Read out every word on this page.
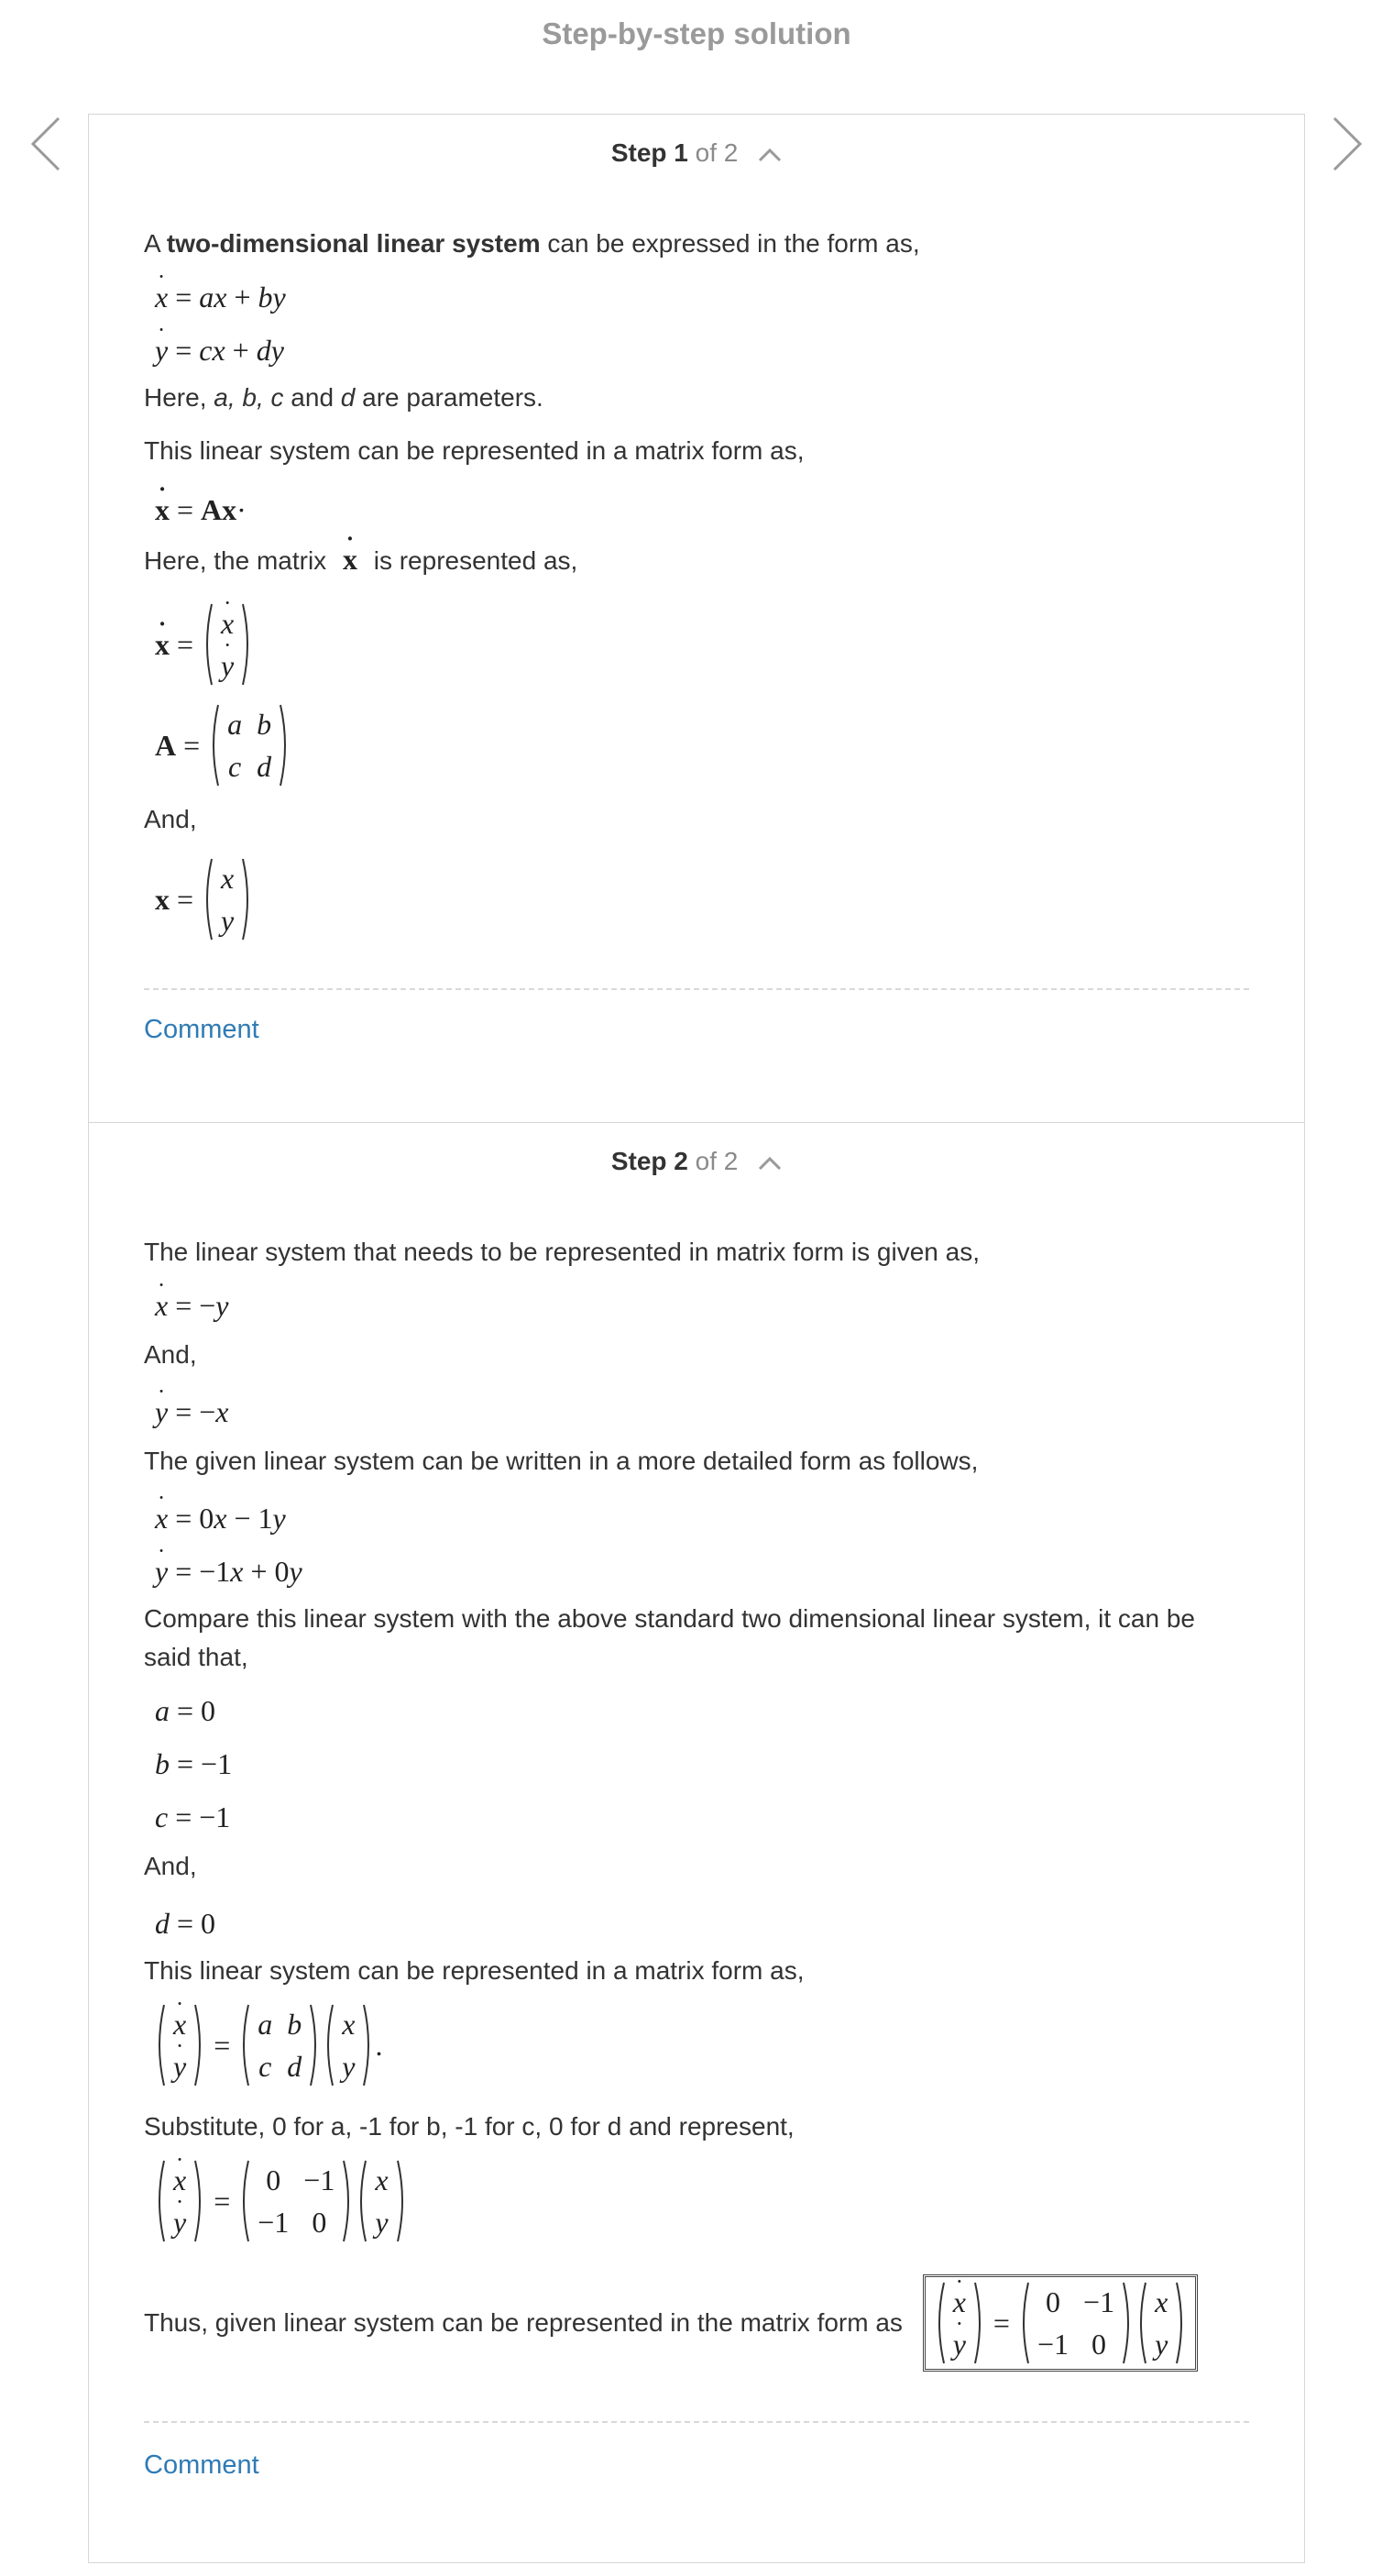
Step-by-step solution
Step 1 of 2
A two-dimensional linear system can be expressed in the form as,
x ˙ = ax + by
y ˙ = cx + dy
Here, a, b, c and d are parameters.
This linear system can be represented in a matrix form as,
x ˙ = Ax·
Here, the matrix x ˙ is represented as,
x ˙ =
x ˙
y ˙
A =
a
c
b
d
And,
x =
x
y
Comment
Step 2 of 2
The linear system that needs to be represented in matrix form is given as,
x ˙ = −y
And,
y ˙ = −x
The given linear system can be written in a more detailed form as follows,
x ˙ = 0x − 1y
y ˙ = −1x + 0y
Compare this linear system with the above standard two dimensional linear system, it can be said that,
a = 0
b = −1
c = −1
And,
d = 0
This linear system can be represented in a matrix form as,
x ˙
y ˙
=
a
c
b
d
x
y
.
Substitute, 0 for a, -1 for b, -1 for c, 0 for d and represent,
x ˙
y ˙
=
0
−1
−1
0
x
y
Thus, given linear system can be represented in the matrix form as
x ˙
y ˙
=
0
−1
−1
0
x
y
Comment
